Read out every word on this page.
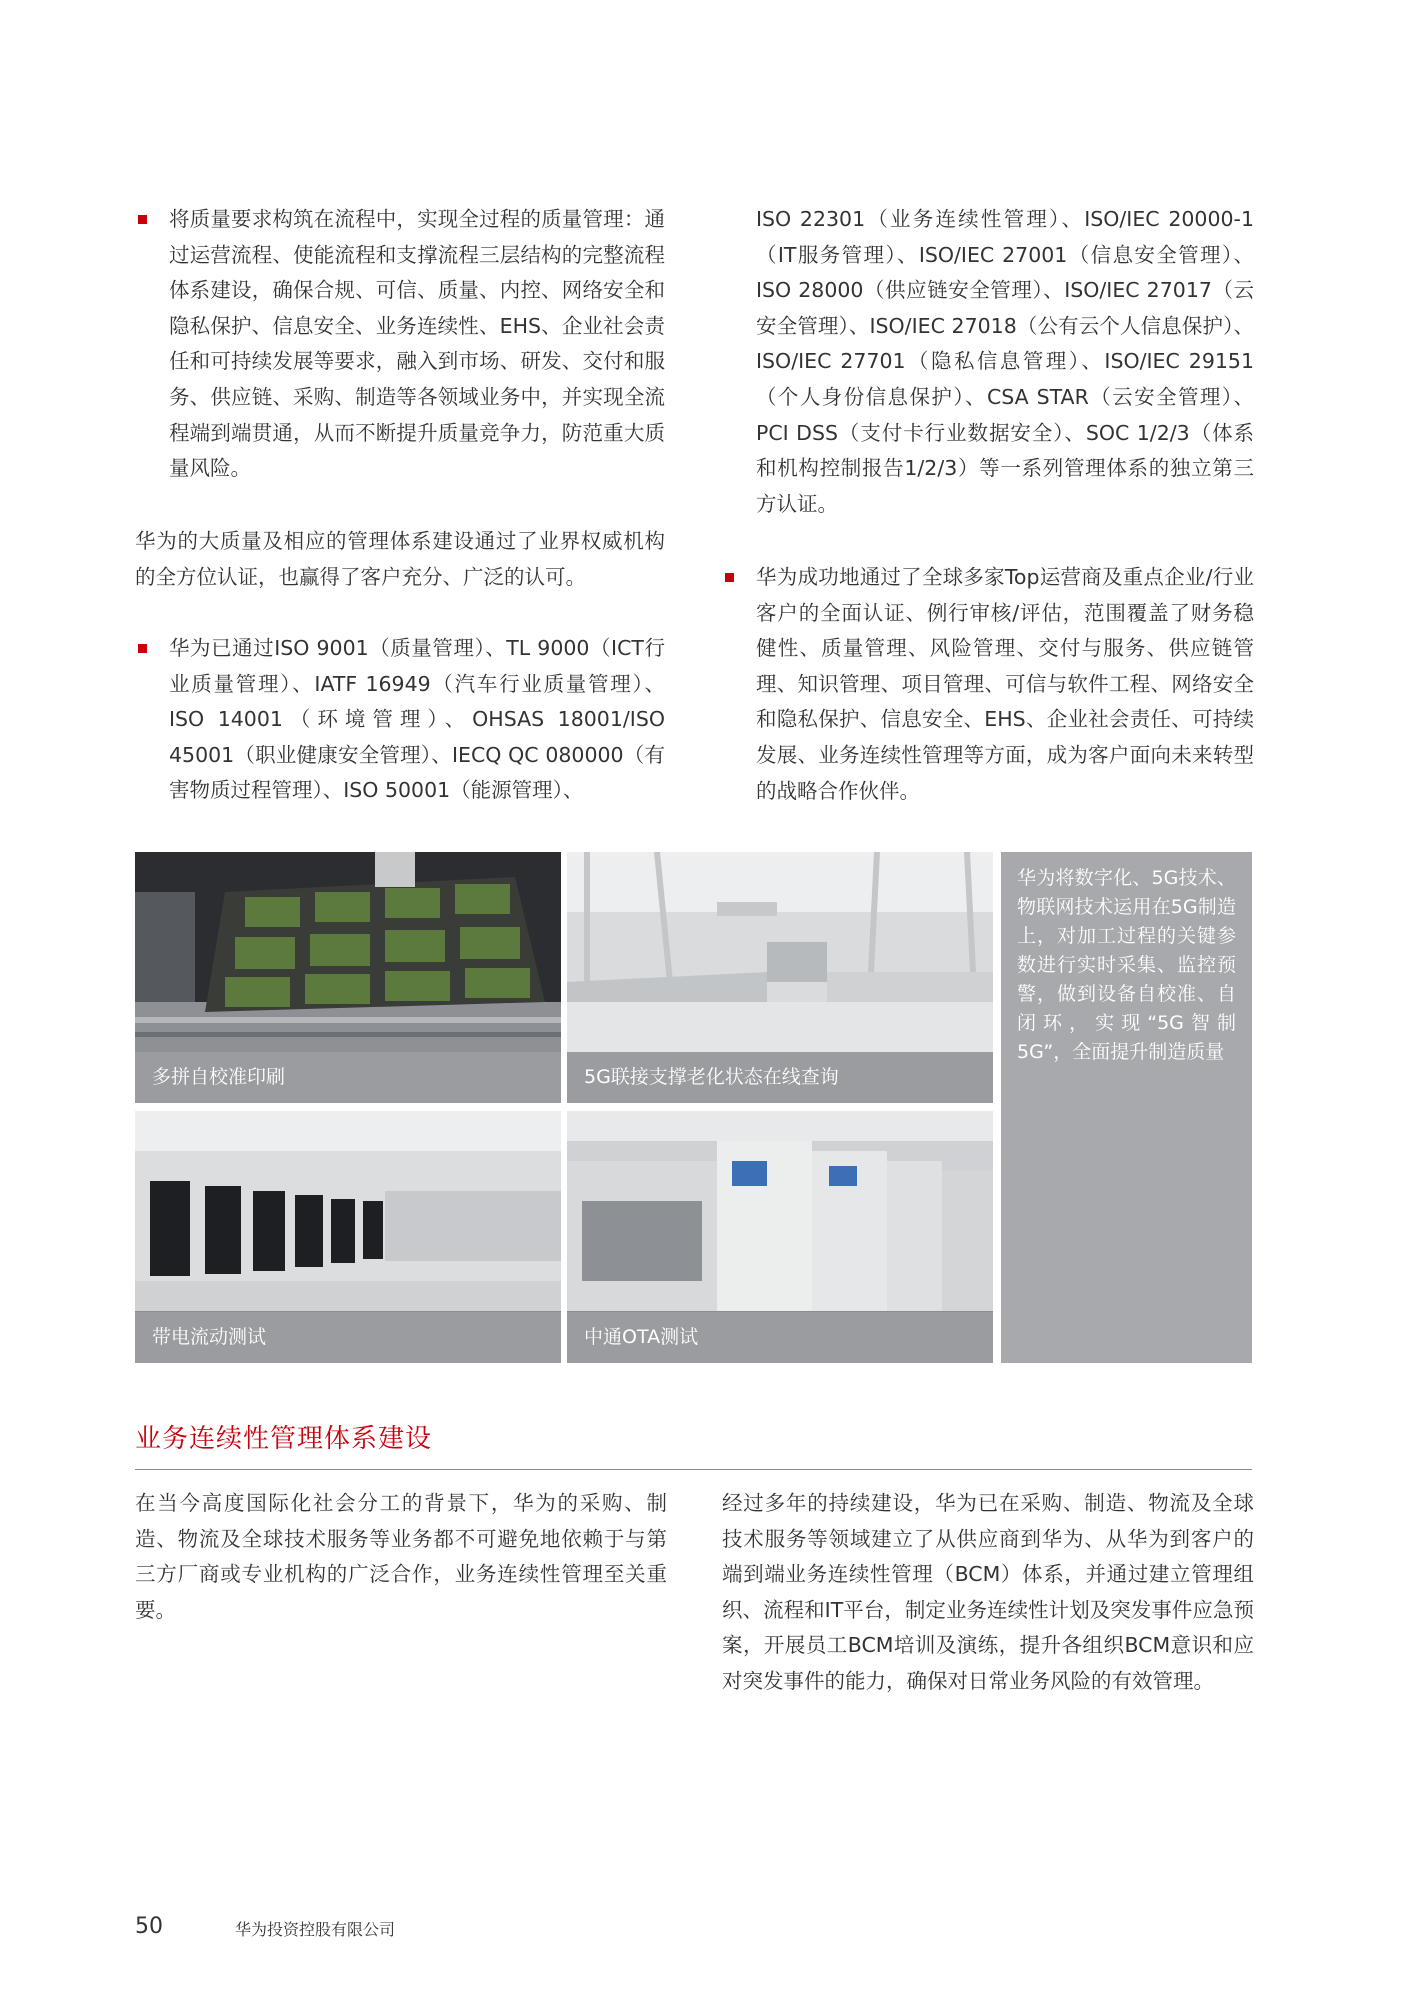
将质量要求构筑在流程中，实现全过程的质量管理：通过运营流程、使能流程和支撑流程三层结构的完整流程体系建设，确保合规、可信、质量、内控、网络安全和隐私保护、信息安全、业务连续性、EHS、企业社会责任和可持续发展等要求，融入到市场、研发、交付和服务、供应链、采购、制造等各领域业务中，并实现全流程端到端贯通，从而不断提升质量竞争力，防范重大质量风险。
华为的大质量及相应的管理体系建设通过了业界权威机构的全方位认证，也赢得了客户充分、广泛的认可。
华为已通过ISO 9001（质量管理）、TL 9000（ICT行业质量管理）、IATF 16949（汽车行业质量管理）、ISO 14001（环境管理）、OHSAS 18001/ISO 45001（职业健康安全管理）、IECQ QC 080000（有害物质过程管理）、ISO 50001（能源管理）、
ISO 22301（业务连续性管理）、ISO/IEC 20000-1（IT服务管理）、ISO/IEC 27001（信息安全管理）、ISO 28000（供应链安全管理）、ISO/IEC 27017（云安全管理）、ISO/IEC 27018（公有云个人信息保护）、ISO/IEC 27701（隐私信息管理）、ISO/IEC 29151（个人身份信息保护）、CSA STAR（云安全管理）、PCI DSS（支付卡行业数据安全）、SOC 1/2/3（体系和机构控制报告1/2/3）等一系列管理体系的独立第三方认证。
华为成功地通过了全球多家Top运营商及重点企业/行业客户的全面认证、例行审核/评估，范围覆盖了财务稳健性、质量管理、风险管理、交付与服务、供应链管理、知识管理、项目管理、可信与软件工程、网络安全和隐私保护、信息安全、EHS、企业社会责任、可持续发展、业务连续性管理等方面，成为客户面向未来转型的战略合作伙伴。
多拼自校准印刷	5G联接支撑老化状态在线查询
带电流动测试	中通OTA测试
华为将数字化、5G技术、物联网技术运用在5G制造上，对加工过程的关键参数进行实时采集、监控预警，做到设备自校准、自闭环，实现“5G智制5G”，全面提升制造质量
业务连续性管理体系建设
在当今高度国际化社会分工的背景下，华为的采购、制造、物流及全球技术服务等业务都不可避免地依赖于与第三方厂商或专业机构的广泛合作，业务连续性管理至关重要。
经过多年的持续建设，华为已在采购、制造、物流及全球技术服务等领域建立了从供应商到华为、从华为到客户的端到端业务连续性管理（BCM）体系，并通过建立管理组织、流程和IT平台，制定业务连续性计划及突发事件应急预案，开展员工BCM培训及演练，提升各组织BCM意识和应对突发事件的能力，确保对日常业务风险的有效管理。
50	华为投资控股有限公司
